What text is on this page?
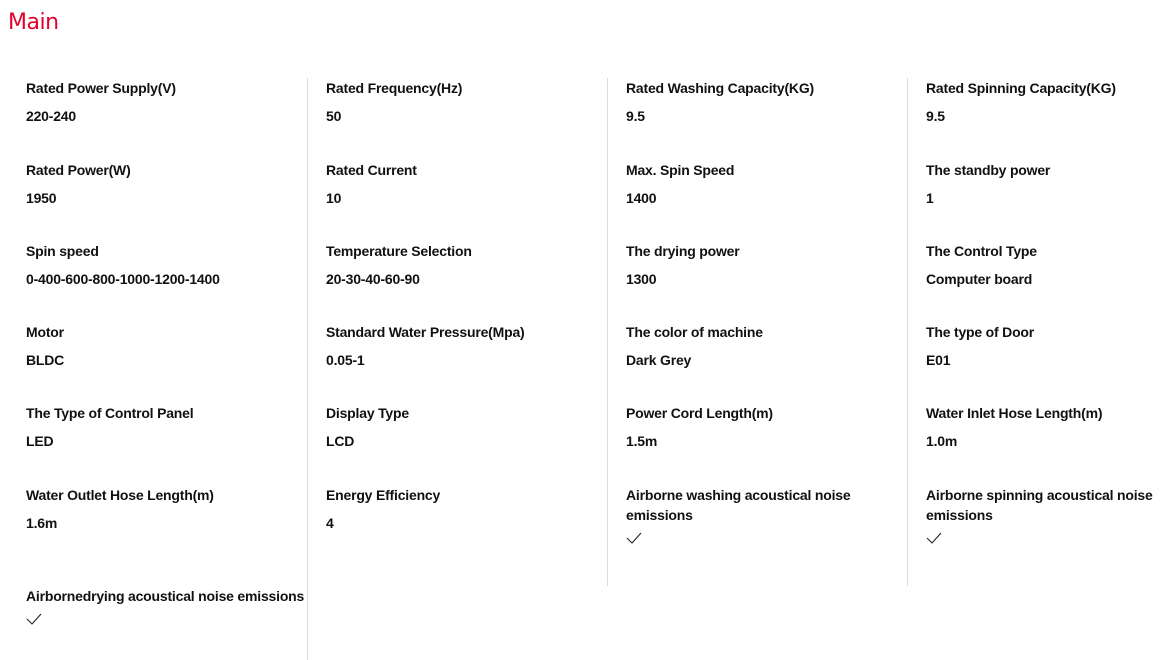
Main
Rated Power Supply(V)
220-240
Rated Power(W)
1950
Spin speed
0-400-600-800-1000-1200-1400
Motor
BLDC
The Type of Control Panel
LED
Water Outlet Hose Length(m)
1.6m
Airbornedrying acoustical noise emissions
Rated Frequency(Hz)
50
Rated Current
10
Temperature Selection
20-30-40-60-90
Standard Water Pressure(Mpa)
0.05-1
Display Type
LCD
Energy Efficiency
4
Rated Washing Capacity(KG)
9.5
Max. Spin Speed
1400
The drying power
1300
The color of machine
Dark Grey
Power Cord Length(m)
1.5m
Airborne washing acoustical noise emissions
Rated Spinning Capacity(KG)
9.5
The standby power
1
The Control Type
Computer board
The type of Door
E01
Water Inlet Hose Length(m)
1.0m
Airborne spinning acoustical noise emissions
